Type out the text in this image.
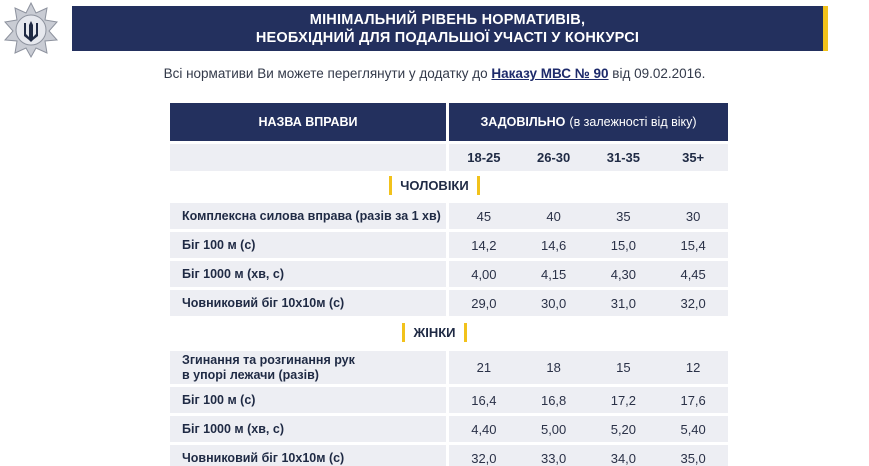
МІНІМАЛЬНИЙ РІВЕНЬ НОРМАТИВІВ,
НЕОБХІДНИЙ ДЛЯ ПОДАЛЬШОЇ УЧАСТІ У КОНКУРСІ
Всі нормативи Ви можете переглянути у додатку до Наказу МВС № 90 від 09.02.2016.
НАЗВА ВПРАВИ	ЗАДОВІЛЬНО (в залежності від віку)
18-25	26-30	31-35	35+
ЧОЛОВІКИ
Комплексна силова вправа (разів за 1 хв)	45	40	35	30
Біг 100 м (с)	14,2	14,6	15,0	15,4
Біг 1000 м (хв, с)	4,00	4,15	4,30	4,45
Човниковий біг 10х10м (с)	29,0	30,0	31,0	32,0
ЖІНКИ
Згинання та розгинання рук
в упорі лежачи (разів)	21	18	15	12
Біг 100 м (с)	16,4	16,8	17,2	17,6
Біг 1000 м (хв, с)	4,40	5,00	5,20	5,40
Човниковий біг 10х10м (с)	32,0	33,0	34,0	35,0
